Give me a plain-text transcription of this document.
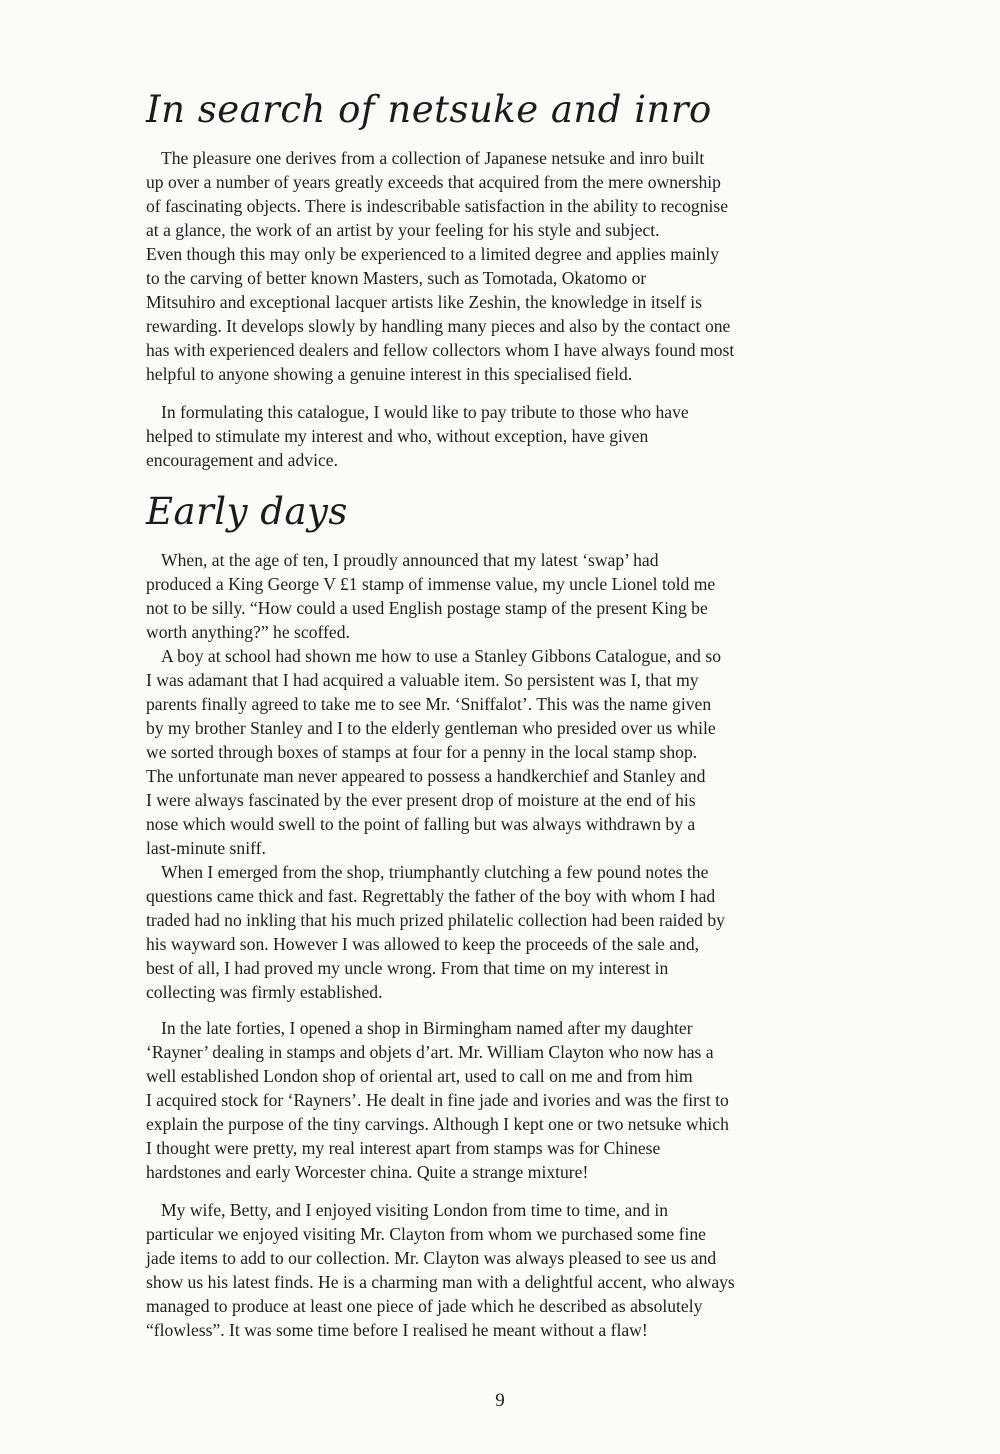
In search of netsuke and inro
The pleasure one derives from a collection of Japanese netsuke and inro built
up over a number of years greatly exceeds that acquired from the mere ownership
of fascinating objects. There is indescribable satisfaction in the ability to recognise
at a glance, the work of an artist by your feeling for his style and subject.
Even though this may only be experienced to a limited degree and applies mainly
to the carving of better known Masters, such as Tomotada, Okatomo or
Mitsuhiro and exceptional lacquer artists like Zeshin, the knowledge in itself is
rewarding. It develops slowly by handling many pieces and also by the contact one
has with experienced dealers and fellow collectors whom I have always found most
helpful to anyone showing a genuine interest in this specialised field.
In formulating this catalogue, I would like to pay tribute to those who have
helped to stimulate my interest and who, without exception, have given
encouragement and advice.
Early days
When, at the age of ten, I proudly announced that my latest ‘swap’ had
produced a King George V £1 stamp of immense value, my uncle Lionel told me
not to be silly. “How could a used English postage stamp of the present King be
worth anything?” he scoffed.
A boy at school had shown me how to use a Stanley Gibbons Catalogue, and so
I was adamant that I had acquired a valuable item. So persistent was I, that my
parents finally agreed to take me to see Mr. ‘Sniffalot’. This was the name given
by my brother Stanley and I to the elderly gentleman who presided over us while
we sorted through boxes of stamps at four for a penny in the local stamp shop.
The unfortunate man never appeared to possess a handkerchief and Stanley and
I were always fascinated by the ever present drop of moisture at the end of his
nose which would swell to the point of falling but was always withdrawn by a
last-minute sniff.
When I emerged from the shop, triumphantly clutching a few pound notes the
questions came thick and fast. Regrettably the father of the boy with whom I had
traded had no inkling that his much prized philatelic collection had been raided by
his wayward son. However I was allowed to keep the proceeds of the sale and,
best of all, I had proved my uncle wrong. From that time on my interest in
collecting was firmly established.
In the late forties, I opened a shop in Birmingham named after my daughter
‘Rayner’ dealing in stamps and objets d’art. Mr. William Clayton who now has a
well established London shop of oriental art, used to call on me and from him
I acquired stock for ‘Rayners’. He dealt in fine jade and ivories and was the first to
explain the purpose of the tiny carvings. Although I kept one or two netsuke which
I thought were pretty, my real interest apart from stamps was for Chinese
hardstones and early Worcester china. Quite a strange mixture!
My wife, Betty, and I enjoyed visiting London from time to time, and in
particular we enjoyed visiting Mr. Clayton from whom we purchased some fine
jade items to add to our collection. Mr. Clayton was always pleased to see us and
show us his latest finds. He is a charming man with a delightful accent, who always
managed to produce at least one piece of jade which he described as absolutely
“flowless”. It was some time before I realised he meant without a flaw!
9
